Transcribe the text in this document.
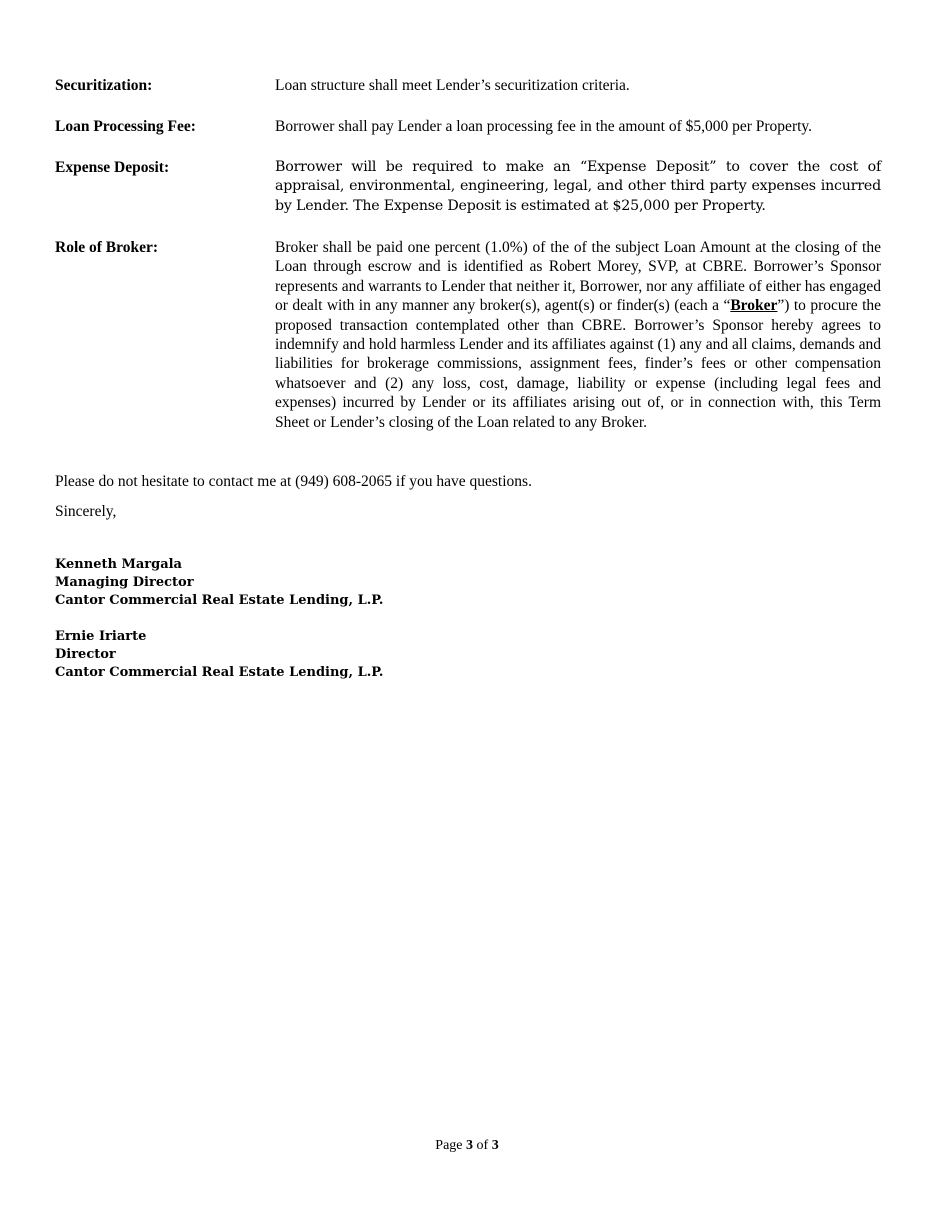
Securitization:	Loan structure shall meet Lender’s securitization criteria.
Loan Processing Fee:	Borrower shall pay Lender a loan processing fee in the amount of $5,000 per Property.
Expense Deposit:	Borrower will be required to make an “Expense Deposit” to cover the cost of appraisal, environmental, engineering, legal, and other third party expenses incurred by Lender. The Expense Deposit is estimated at $25,000 per Property.
Role of Broker:	Broker shall be paid one percent (1.0%) of the of the subject Loan Amount at the closing of the Loan through escrow and is identified as Robert Morey, SVP, at CBRE. Borrower’s Sponsor represents and warrants to Lender that neither it, Borrower, nor any affiliate of either has engaged or dealt with in any manner any broker(s), agent(s) or finder(s) (each a “Broker”) to procure the proposed transaction contemplated other than CBRE. Borrower’s Sponsor hereby agrees to indemnify and hold harmless Lender and its affiliates against (1) any and all claims, demands and liabilities for brokerage commissions, assignment fees, finder’s fees or other compensation whatsoever and (2) any loss, cost, damage, liability or expense (including legal fees and expenses) incurred by Lender or its affiliates arising out of, or in connection with, this Term Sheet or Lender’s closing of the Loan related to any Broker.
Please do not hesitate to contact me at (949) 608-2065 if you have questions.
Sincerely,
Kenneth Margala
Managing Director
Cantor Commercial Real Estate Lending, L.P.
Ernie Iriarte
Director
Cantor Commercial Real Estate Lending, L.P.
Page 3 of 3
